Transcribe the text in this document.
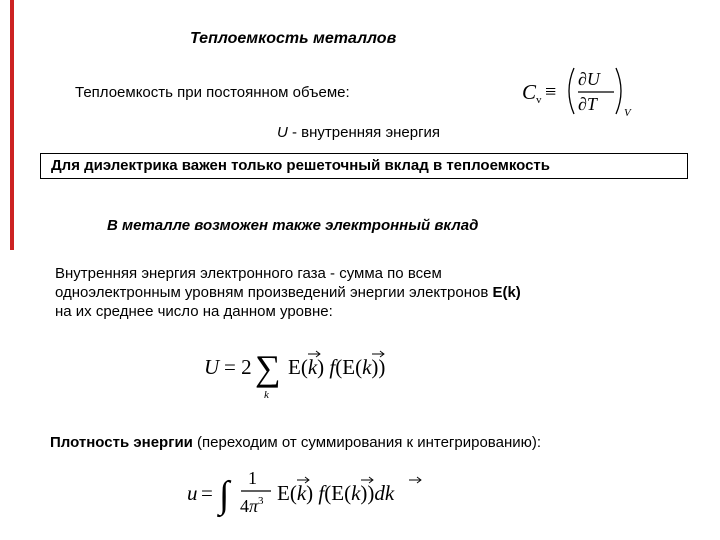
Теплоемкость металлов
Теплоемкость при постоянном объеме:	C v ≡
∂U
∂T V
U - внутренняя энергия
Для диэлектрика важен только решеточный вклад в теплоемкость
В металле возможен также электронный вклад
Внутренняя энергия электронного газа - сумма по всем
одноэлектронным уровням произведений энергии электронов E(k)
на их среднее число на данном уровне:
U = 2 ∑
k
E(k) f(E(k))
Плотность энергии (переходим от суммирования к интегрированию):
u = ∫ 1
$4\pi^3$ E(k) f(E(k))dk
